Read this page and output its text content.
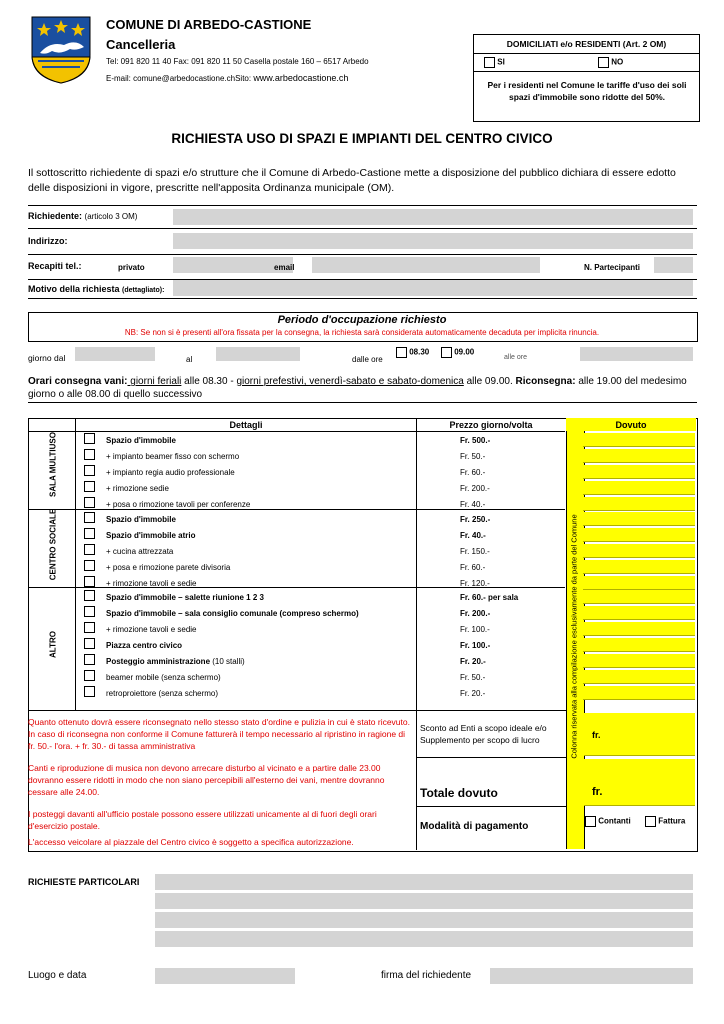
COMUNE DI ARBEDO-CASTIONE
Cancelleria
Tel: 091 820 11 40 Fax: 091 820 11 50 Casella postale 160 – 6517 Arbedo
E-mail: comune@arbedocastione.chSito: www.arbedocastione.ch
DOMICILIATI e/o RESIDENTI (Art. 2 OM)
SI	NO
Per i residenti nel Comune le tariffe d'uso dei soli spazi d'immobile sono ridotte del 50%.
RICHIESTA USO DI SPAZI E IMPIANTI DEL CENTRO CIVICO
Il sottoscritto richiedente di spazi e/o strutture che il Comune di Arbedo-Castione mette a disposizione del pubblico dichiara di essere edotto delle disposizioni in vigore, prescritte nell'apposita Ordinanza municipale (OM).
Richiedente: (articolo 3 OM)
Indirizzo:
Recapiti tel.:	privato	email	N. Partecipanti
Motivo della richiesta (dettagliato):
Periodo d'occupazione richiesto
NB: Se non si è presenti all'ora fissata per la consegna, la richiesta sarà considerata automaticamente decaduta per implicita rinuncia.
giorno dal	al	dalle ore
08.30	09.00
alle ore
Orari consegna vani: giorni feriali alle 08.30 - giorni prefestivi, venerdì-sabato e sabato-domenica alle 09.00. Riconsegna: alle 19.00 del medesimo giorno o alle 08.00 di quello successivo
Dettagli	Prezzo giorno/volta	Dovuto
SALA MULTIUSO
CENTRO SOCIALE
ALTRO	Colonna riservata alla compilazione esclusivamente da parte del Comune
Spazio d'immobile	Fr. 500.-
+ impianto beamer fisso con schermo	Fr. 50.-
+ impianto regia audio professionale	Fr. 60.-
+ rimozione sedie	Fr. 200.-
+ posa o rimozione tavoli per conferenze	Fr. 40.-
Spazio d'immobile	Fr. 250.-
Spazio d'immobile atrio	Fr. 40.-
+ cucina attrezzata	Fr. 150.-
+ posa e rimozione parete divisoria	Fr. 60.-
+ rimozione tavoli e sedie	Fr. 120.-
Spazio d'immobile – salette riunione 1 2 3	Fr. 60.- per sala
Spazio d'immobile – sala consiglio comunale (compreso schermo)	Fr. 200.-
+ rimozione tavoli e sedie	Fr. 100.-
Piazza centro civico	Fr. 100.-
Posteggio amministrazione (10 stalli)	Fr. 20.-
beamer mobile (senza schermo)	Fr. 50.-
retroproiettore (senza schermo)	Fr. 20.-
Quanto ottenuto dovrà essere riconsegnato nello stesso stato d'ordine e pulizia in cui è stato ricevuto. In caso di riconsegna non conforme il Comune fatturerà il tempo necessario al ripristino in ragione di fr. 50.- l'ora. + fr. 30.- di tassa amministrativa
Canti e riproduzione di musica non devono arrecare disturbo al vicinato e a partire dalle 23.00 dovranno essere ridotti in modo che non siano percepibili all'esterno dei vani, mentre dovranno cessare alle 24.00.
I posteggi davanti all'ufficio postale possono essere utilizzati unicamente al di fuori degli orari d'esercizio postale.
L'accesso veicolare al piazzale del Centro civico è soggetto a specifica autorizzazione.
Sconto ad Enti a scopo ideale e/o Supplemento per scopo di lucro	fr.
Totale dovuto	fr.
Modalità di pagamento	Contanti	Fattura
RICHIESTE PARTICOLARI
Luogo e data	firma del richiedente
